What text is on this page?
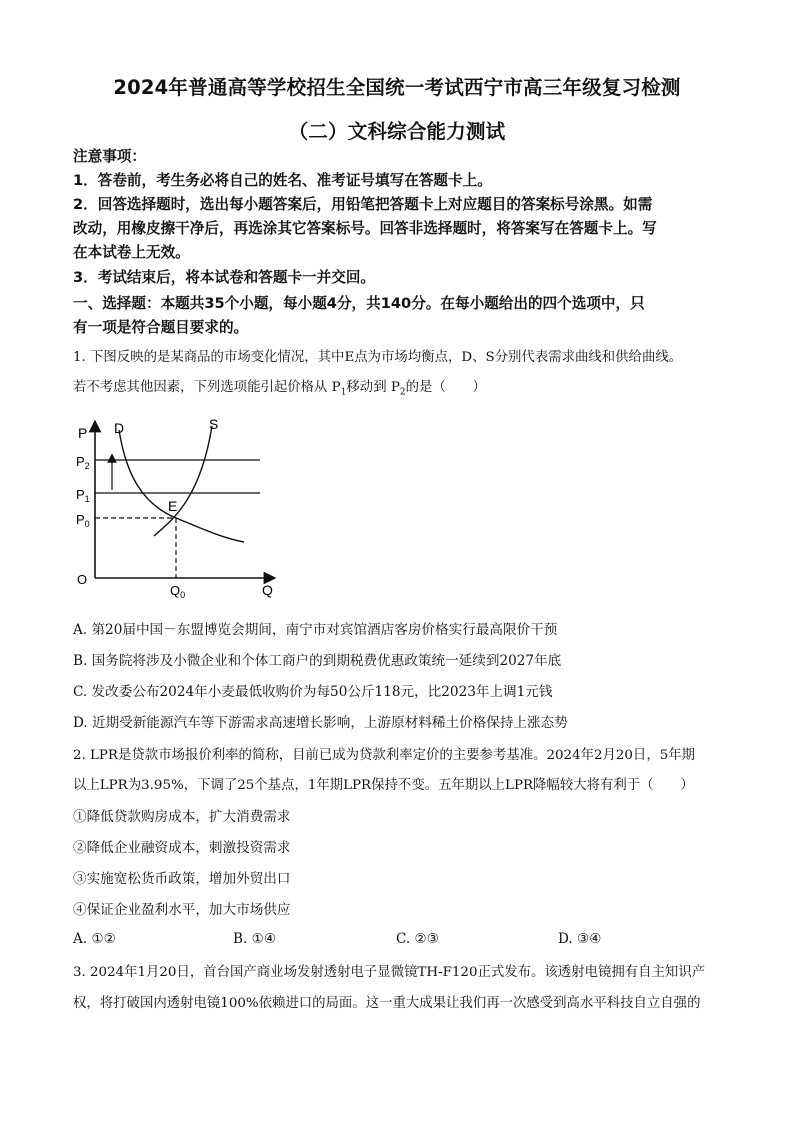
2024年普通高等学校招生全国统一考试西宁市高三年级复习检测
（二）文科综合能力测试
注意事项：
1．答卷前，考生务必将自己的姓名、准考证号填写在答题卡上。
2．回答选择题时，选出每小题答案后，用铅笔把答题卡上对应题目的答案标号涂黑。如需
改动，用橡皮擦干净后，再选涂其它答案标号。回答非选择题时，将答案写在答题卡上。写
在本试卷上无效。
3．考试结束后，将本试卷和答题卡一并交回。
一、选择题：本题共35个小题，每小题4分，共140分。在每小题给出的四个选项中，只
有一项是符合题目要求的。
1. 下图反映的是某商品的市场变化情况，其中E点为市场均衡点，D、S分别代表需求曲线和供给曲线。
若不考虑其他因素，下列选项能引起价格从 $P_1$移动到 $P_2$的是（　　）
P D	S
$P_2$
$P_1$
$P_0$
E
O
$Q_0$	Q
A. 第20届中国－东盟博览会期间，南宁市对宾馆酒店客房价格实行最高限价干预
B. 国务院将涉及小微企业和个体工商户的到期税费优惠政策统一延续到2027年底
C. 发改委公布2024年小麦最低收购价为每50公斤118元，比2023年上调1元钱
D. 近期受新能源汽车等下游需求高速增长影响，上游原材料稀土价格保持上涨态势
2. LPR是贷款市场报价利率的简称，目前已成为贷款利率定价的主要参考基准。2024年2月20日，5年期
以上LPR为3.95%，下调了25个基点，1年期LPR保持不变。五年期以上LPR降幅较大将有利于（　　）
①降低贷款购房成本，扩大消费需求
②降低企业融资成本，刺激投资需求
③实施宽松货币政策，增加外贸出口
④保证企业盈利水平，加大市场供应
A. ①②	B. ①④	C. ②③	D. ③④
3. 2024年1月20日，首台国产商业场发射透射电子显微镜TH-F120正式发布。该透射电镜拥有自主知识产
权，将打破国内透射电镜100%依赖进口的局面。这一重大成果让我们再一次感受到高水平科技自立自强的
